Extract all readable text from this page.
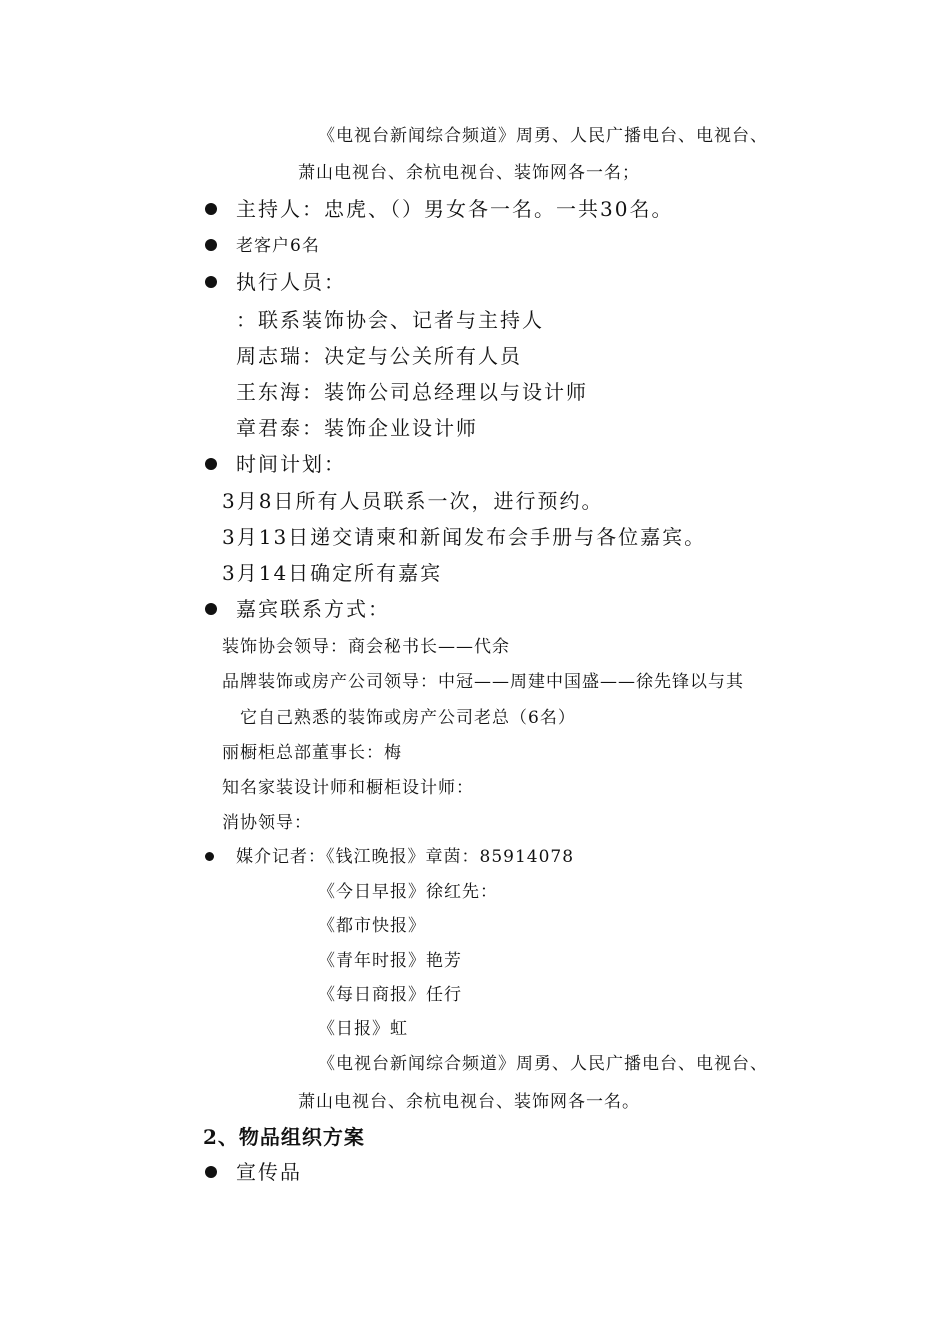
《电视台新闻综合频道》周勇、人民广播电台、电视台、
萧山电视台、余杭电视台、装饰网各一名；
主持人：忠虎、（）男女各一名。一共30名。
老客户6名
执行人员：
：联系装饰协会、记者与主持人
周志瑞：决定与公关所有人员
王东海：装饰公司总经理以与设计师
章君泰：装饰企业设计师
时间计划：
3月8日所有人员联系一次，进行预约。
3月13日递交请柬和新闻发布会手册与各位嘉宾。
3月14日确定所有嘉宾
嘉宾联系方式：
装饰协会领导：商会秘书长——代余
品牌装饰或房产公司领导：中冠——周建中国盛——徐先锋以与其
它自己熟悉的装饰或房产公司老总（6名）
丽橱柜总部董事长：梅
知名家装设计师和橱柜设计师：
消协领导：
媒介记者：《钱江晚报》章茵：85914078
《今日早报》徐红先：
《都市快报》
《青年时报》艳芳
《每日商报》任行
《日报》虹
《电视台新闻综合频道》周勇、人民广播电台、电视台、
萧山电视台、余杭电视台、装饰网各一名。
2、物品组织方案
宣传品
